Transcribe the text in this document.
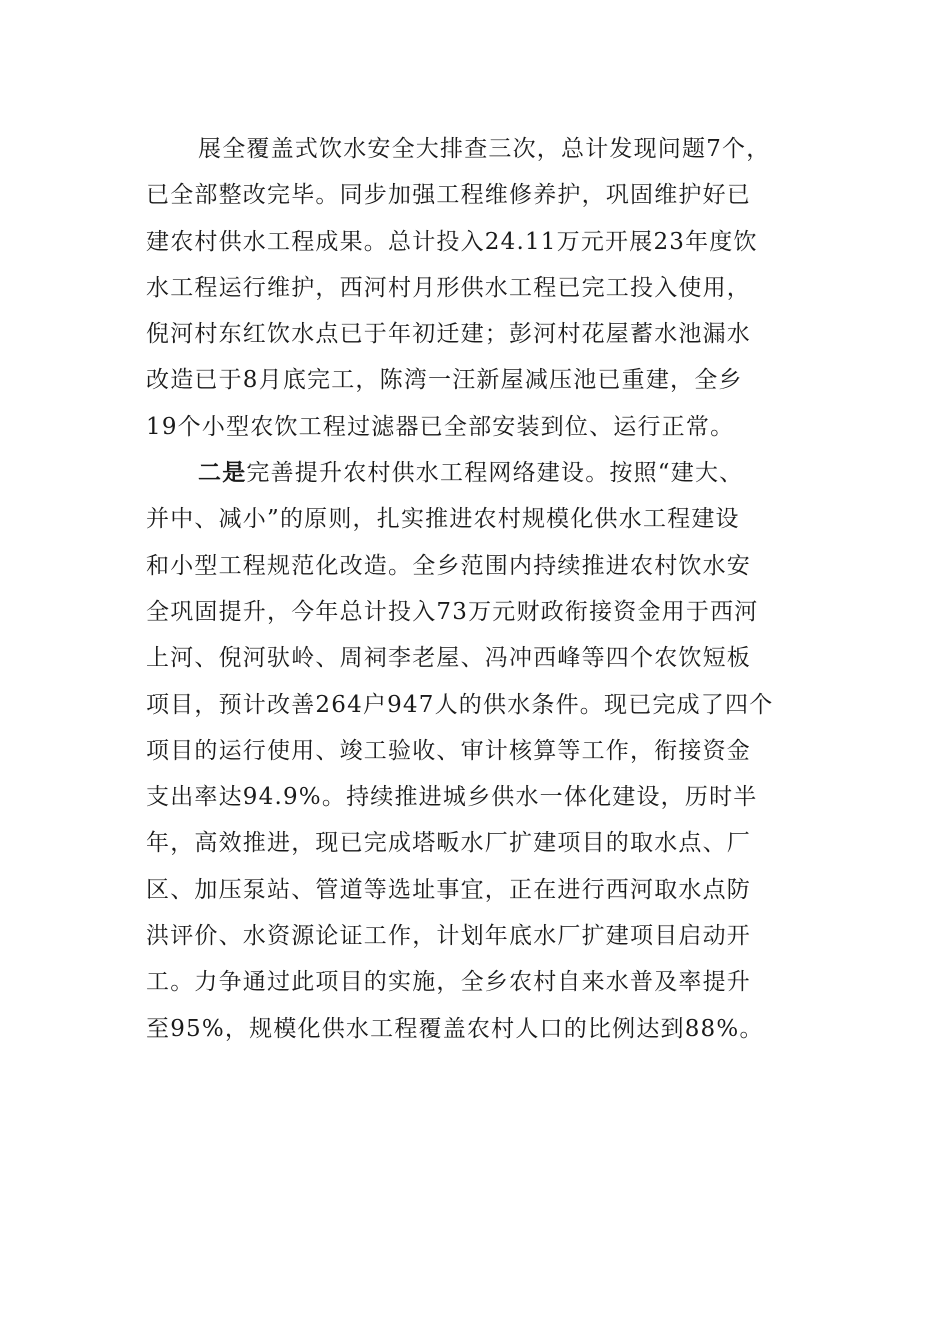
展全覆盖式饮水安全大排查三次，总计发现问题7个，
已全部整改完毕。同步加强工程维修养护，巩固维护好已
建农村供水工程成果。总计投入24.11万元开展23年度饮
水工程运行维护，西河村月形供水工程已完工投入使用，
倪河村东红饮水点已于年初迁建；彭河村花屋蓄水池漏水
改造已于8月底完工，陈湾一汪新屋减压池已重建，全乡
19个小型农饮工程过滤器已全部安装到位、运行正常。
二是完善提升农村供水工程网络建设。按照“建大、
并中、减小”的原则，扎实推进农村规模化供水工程建设
和小型工程规范化改造。全乡范围内持续推进农村饮水安
全巩固提升，今年总计投入73万元财政衔接资金用于西河
上河、倪河驮岭、周祠李老屋、冯冲西峰等四个农饮短板
项目，预计改善264户947人的供水条件。现已完成了四个
项目的运行使用、竣工验收、审计核算等工作，衔接资金
支出率达94.9%。持续推进城乡供水一体化建设，历时半
年，高效推进，现已完成塔畈水厂扩建项目的取水点、厂
区、加压泵站、管道等选址事宜，正在进行西河取水点防
洪评价、水资源论证工作，计划年底水厂扩建项目启动开
工。力争通过此项目的实施，全乡农村自来水普及率提升
至95%，规模化供水工程覆盖农村人口的比例达到88%。
